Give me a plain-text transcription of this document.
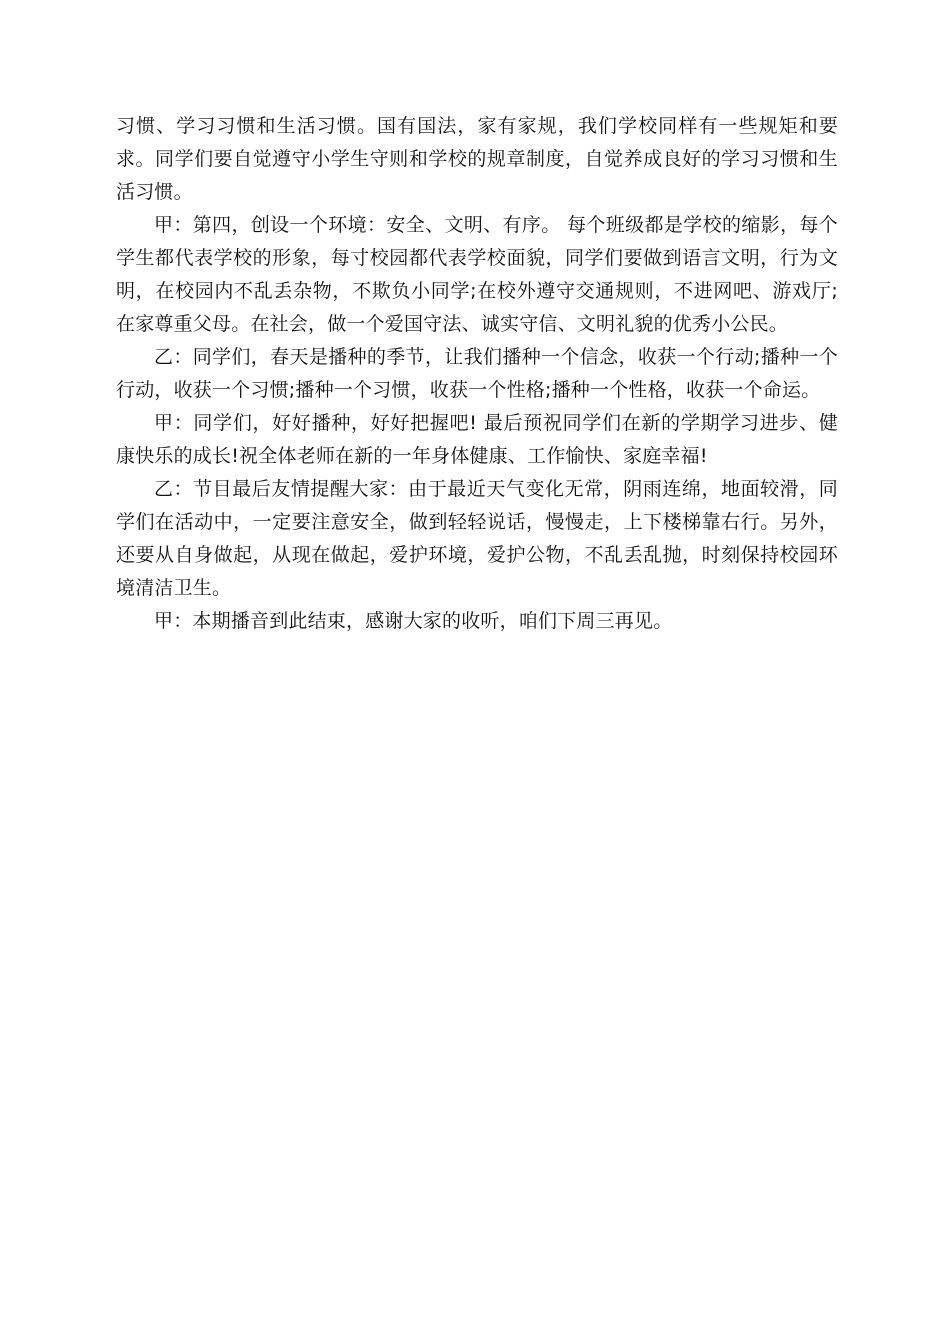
习惯、学习习惯和生活习惯。国有国法，家有家规，我们学校同样有一些规矩和要求。同学们要自觉遵守小学生守则和学校的规章制度，自觉养成良好的学习习惯和生活习惯。

甲：第四，创设一个环境：安全、文明、有序。 每个班级都是学校的缩影，每个学生都代表学校的形象，每寸校园都代表学校面貌，同学们要做到语言文明，行为文明，在校园内不乱丢杂物，不欺负小同学;在校外遵守交通规则，不进网吧、游戏厅;在家尊重父母。在社会，做一个爱国守法、诚实守信、文明礼貌的优秀小公民。

乙：同学们，春天是播种的季节，让我们播种一个信念，收获一个行动;播种一个行动，收获一个习惯;播种一个习惯，收获一个性格;播种一个性格，收获一个命运。

甲：同学们，好好播种，好好把握吧! 最后预祝同学们在新的学期学习进步、健康快乐的成长!祝全体老师在新的一年身体健康、工作愉快、家庭幸福!

乙：节目最后友情提醒大家：由于最近天气变化无常，阴雨连绵，地面较滑，同学们在活动中，一定要注意安全，做到轻轻说话，慢慢走，上下楼梯靠右行。另外，还要从自身做起，从现在做起，爱护环境，爱护公物，不乱丢乱抛，时刻保持校园环境清洁卫生。

甲：本期播音到此结束，感谢大家的收听，咱们下周三再见。
